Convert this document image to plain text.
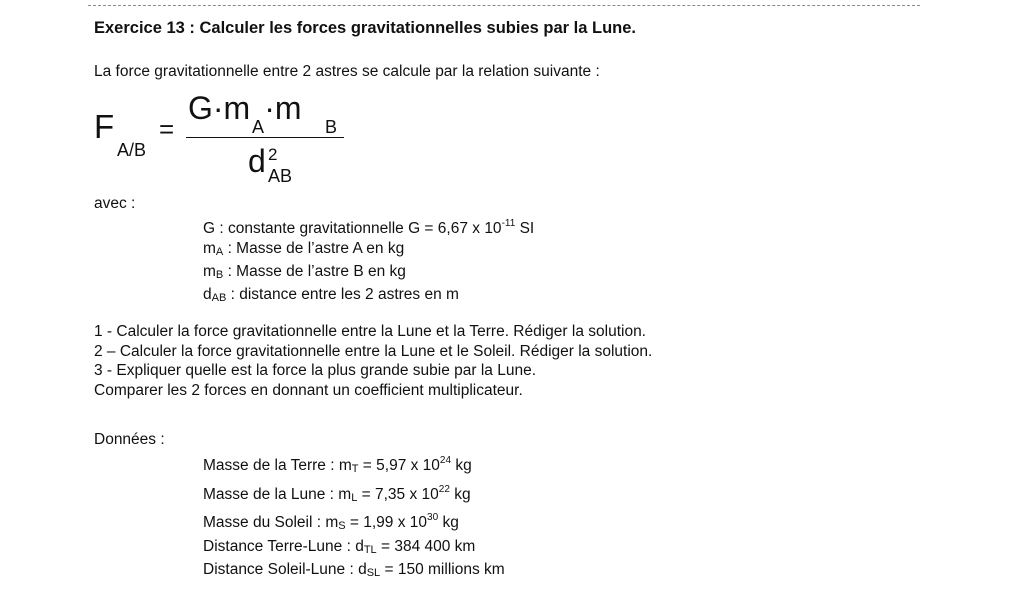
Exercice 13 : Calculer les forces gravitationnelles subies par la Lune.
La force gravitationnelle entre 2 astres se calcule par la relation suivante :
F
A/B
=
G·m ·m
A	B
d 2
AB
avec :
G : constante gravitationnelle G = 6,67 x $10^{-11}$ SI
mA : Masse de l’astre A en kg
mB : Masse de l’astre B en kg
dAB : distance entre les 2 astres en m
1 - Calculer la force gravitationnelle entre la Lune et la Terre. Rédiger la solution.
2 – Calculer la force gravitationnelle entre la Lune et le Soleil. Rédiger la solution.
3 - Expliquer quelle est la force la plus grande subie par la Lune.
Comparer les 2 forces en donnant un coefficient multiplicateur.
Données :
Masse de la Terre : mT = 5,97 x $10^{24}$ kg
Masse de la Lune : mL = 7,35 x $10^{22}$ kg
Masse du Soleil : mS = 1,99 x $10^{30}$ kg
Distance Terre-Lune : dTL = 384 400 km
Distance Soleil-Lune : dSL = 150 millions km
